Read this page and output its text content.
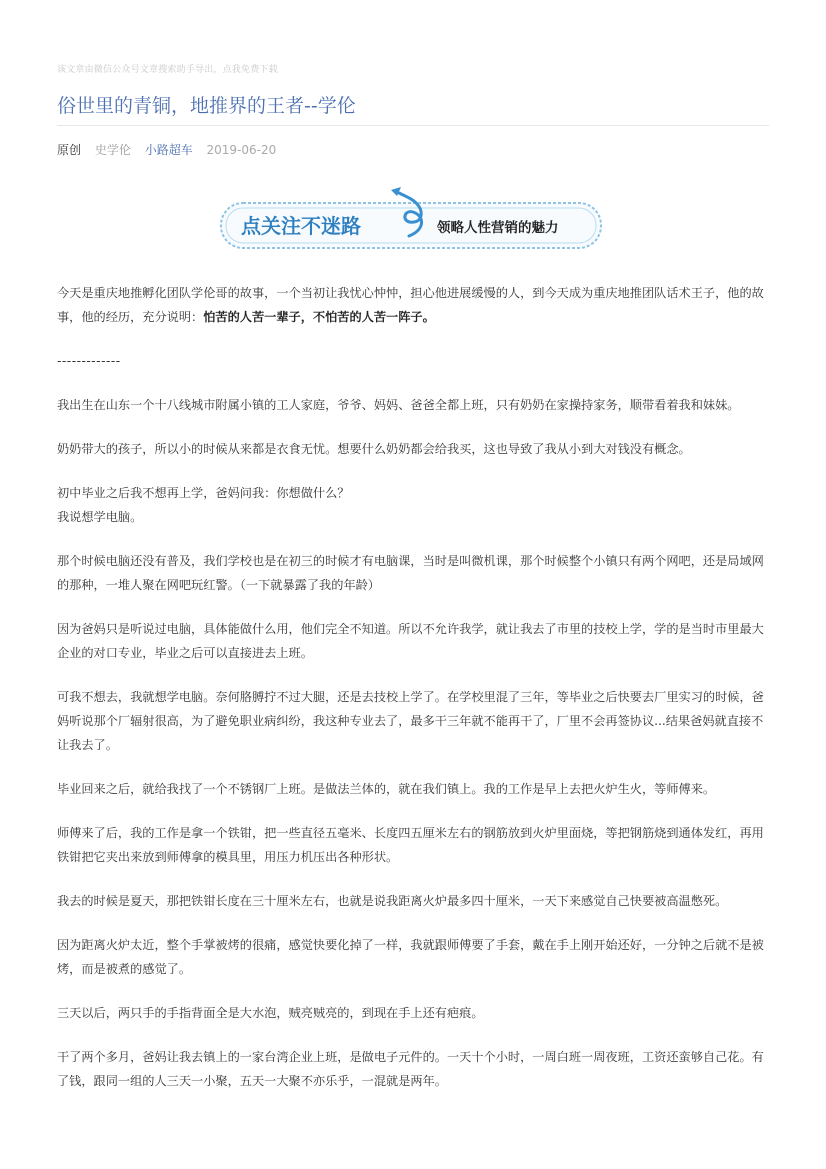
该文章由微信公众号文章搜索助手导出，点我免费下载
俗世里的青铜，地推界的王者--学伦
原创 史学伦 小路超车 2019-06-20
点关注不迷路	领略人性营销的魅力

今天是重庆地推孵化团队学伦哥的故事，一个当初让我忧心忡忡，担心他进展缓慢的人，到今天成为重庆地推团队话术王子，他的故事，他的经历，充分说明：怕苦的人苦一辈子，不怕苦的人苦一阵子。

-------------

我出生在山东一个十八线城市附属小镇的工人家庭，爷爷、妈妈、爸爸全都上班，只有奶奶在家操持家务，顺带看着我和妹妹。

奶奶带大的孩子，所以小的时候从来都是衣食无忧。想要什么奶奶都会给我买，这也导致了我从小到大对钱没有概念。

初中毕业之后我不想再上学，爸妈问我：你想做什么？
我说想学电脑。

那个时候电脑还没有普及，我们学校也是在初三的时候才有电脑课，当时是叫微机课，那个时候整个小镇只有两个网吧，还是局域网的那种，一堆人聚在网吧玩红警。（一下就暴露了我的年龄）

因为爸妈只是听说过电脑，具体能做什么用，他们完全不知道。所以不允许我学，就让我去了市里的技校上学，学的是当时市里最大企业的对口专业，毕业之后可以直接进去上班。

可我不想去，我就想学电脑。奈何胳膊拧不过大腿，还是去技校上学了。在学校里混了三年，等毕业之后快要去厂里实习的时候，爸妈听说那个厂辐射很高，为了避免职业病纠纷，我这种专业去了，最多干三年就不能再干了，厂里不会再签协议...结果爸妈就直接不让我去了。

毕业回来之后，就给我找了一个不锈钢厂上班。是做法兰体的，就在我们镇上。我的工作是早上去把火炉生火，等师傅来。

师傅来了后，我的工作是拿一个铁钳，把一些直径五毫米、长度四五厘米左右的钢筋放到火炉里面烧，等把钢筋烧到通体发红，再用铁钳把它夹出来放到师傅拿的模具里，用压力机压出各种形状。

我去的时候是夏天，那把铁钳长度在三十厘米左右，也就是说我距离火炉最多四十厘米，一天下来感觉自己快要被高温憋死。

因为距离火炉太近，整个手掌被烤的很痛，感觉快要化掉了一样，我就跟师傅要了手套，戴在手上刚开始还好，一分钟之后就不是被烤，而是被煮的感觉了。

三天以后，两只手的手指背面全是大水泡，贼亮贼亮的，到现在手上还有疤痕。

干了两个多月，爸妈让我去镇上的一家台湾企业上班，是做电子元件的。一天十个小时，一周白班一周夜班，工资还蛮够自己花。有了钱，跟同一组的人三天一小聚，五天一大聚不亦乐乎，一混就是两年。
